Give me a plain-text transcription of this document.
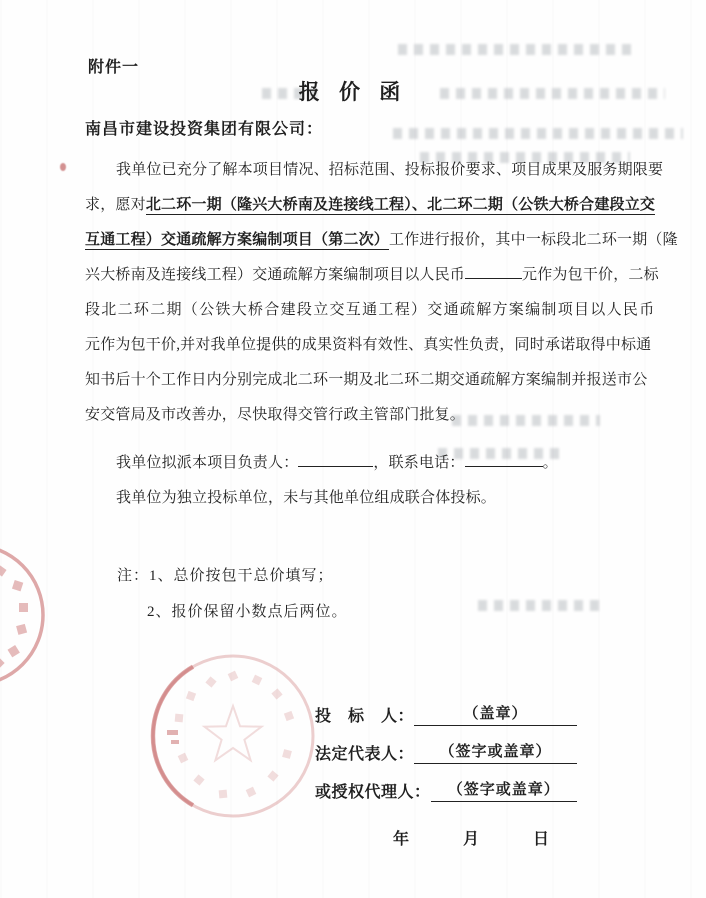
附件一
报 价 函
南昌市建设投资集团有限公司：
我单位已充分了解本项目情况、招标范围、投标报价要求、项目成果及服务期限要
求，愿对北二环一期（隆兴大桥南及连接线工程）、北二环二期（公铁大桥合建段立交
互通工程）交通疏解方案编制项目（第二次）工作进行报价，其中一标段北二环一期（隆
兴大桥南及连接线工程）交通疏解方案编制项目以人民币	元作为包干价，二标
段北二环二期（公铁大桥合建段立交互通工程）交通疏解方案编制项目以人民币
元作为包干价,并对我单位提供的成果资料有效性、真实性负责，同时承诺取得中标通
知书后十个工作日内分别完成北二环一期及北二环二期交通疏解方案编制并报送市公
安交管局及市改善办，尽快取得交管行政主管部门批复。
我单位拟派本项目负责人：	，联系电话：	。
我单位为独立投标单位，未与其他单位组成联合体投标。
注：1、总价按包干总价填写；
2、报价保留小数点后两位。
投　标　人：	（盖章）
法定代表人：	（签字或盖章）
或授权代理人：	（签字或盖章）
年	月	日
